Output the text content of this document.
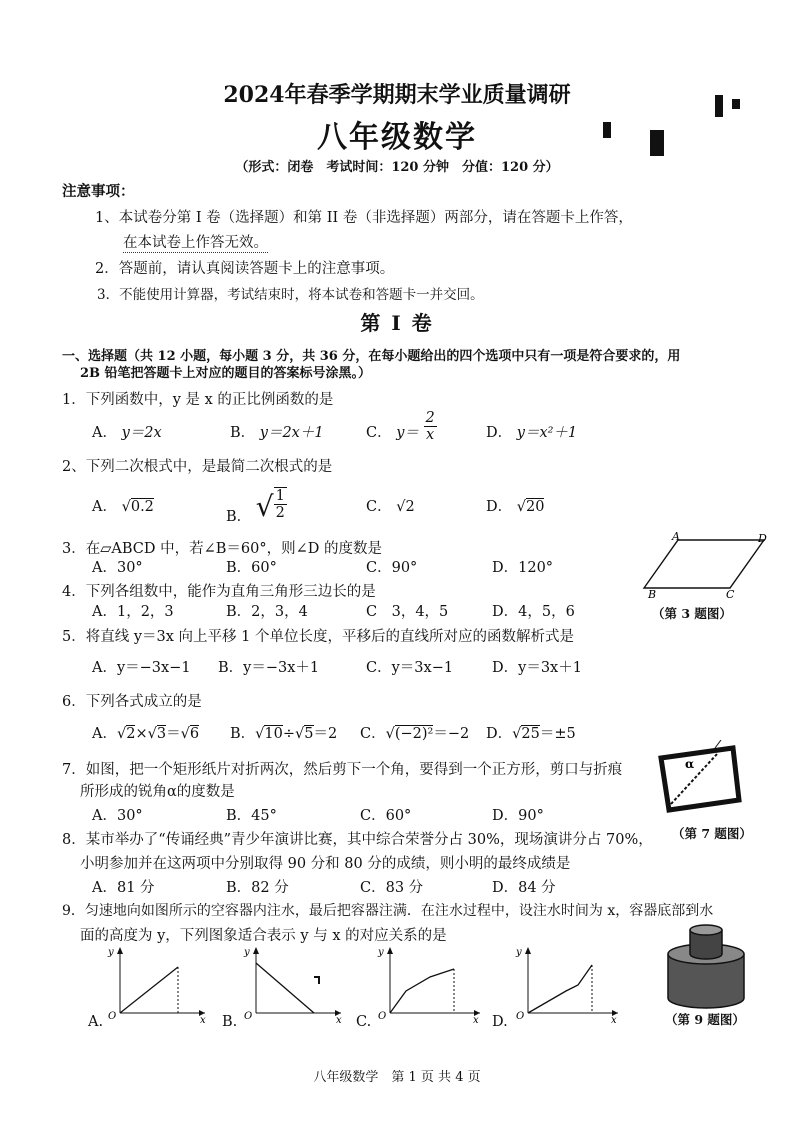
2024年春季学期期末学业质量调研
八年级数学
（形式：闭卷　考试时间：120 分钟　分值：120 分）
注意事项：
1、本试卷分第 I 卷（选择题）和第 II 卷（非选择题）两部分，请在答题卡上作答，
在本试卷上作答无效。
2．答题前，请认真阅读答题卡上的注意事项。
3．不能使用计算器，考试结束时，将本试卷和答题卡一并交回。
第 I 卷
一、选择题（共 12 小题，每小题 3 分，共 36 分，在每小题给出的四个选项中只有一项是符合要求的，用
2B 铅笔把答题卡上对应的题目的答案标号涂黑。）
1．下列函数中，y 是 x 的正比例函数的是
A． y＝2x	B． y＝2x＋1	C． $y= \frac{2}{x}$	D． y＝x²＋1
2、下列二次根式中，是最简二次根式的是
A． √0.2
B． √ $\frac{1}{2}$	C． √2	D． √20
3．在▱ABCD 中，若∠B＝60°，则∠D 的度数是
A．30°	B．60°	C．90°	D．120°
A	D
B	C
（第 3 题图）
4．下列各组数中，能作为直角三角形三边长的是
A．1，2，3	B．2，3，4	C　3，4，5	D．4，5，6
5．将直线 y＝3x 向上平移 1 个单位长度，平移后的直线所对应的函数解析式是
A．y＝−3x−1 B．y＝−3x＋1	C．y＝3x−1	D．y＝3x＋1
6．下列各式成立的是
A．√2×√3＝√6 B．√10÷√5＝2 C．√(−2)²＝−2 D．√25＝±5
7．如图，把一个矩形纸片对折两次，然后剪下一个角，要得到一个正方形，剪口与折痕
所形成的锐角α的度数是
A．30°	B．45°	C．60°	D．90°
α
（第 7 题图）
8．某市举办了“传诵经典”青少年演讲比赛，其中综合荣誉分占 30%，现场演讲分占 70%，
小明参加并在这两项中分别取得 90 分和 80 分的成绩，则小明的最终成绩是
A．81 分	B．82 分	C．83 分	D．84 分
9．匀速地向如图所示的空容器内注水，最后把容器注满．在注水过程中，设注水时间为 x，容器底部到水
面的高度为 y，下列图象适合表示 y 与 x 的对应关系的是
A.
y
x
O	B.
y
x
O	C.
y
x
O	D.
y
x
O	（第 9 题图）
八年级数学　第 1 页 共 4 页
